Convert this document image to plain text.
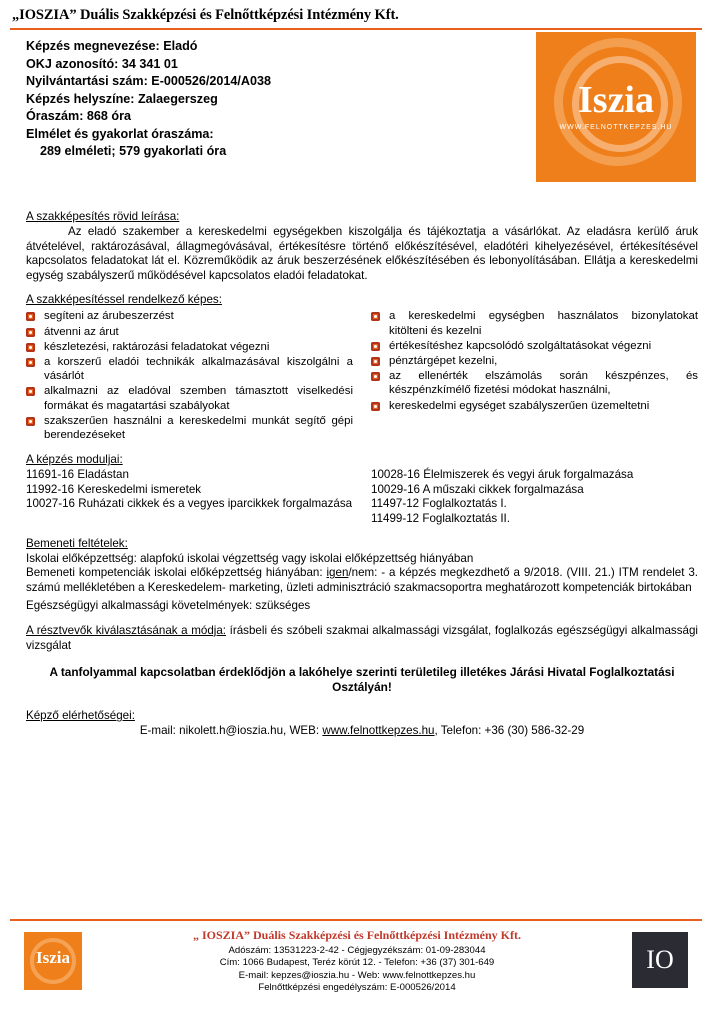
„IOSZIA” Duális Szakképzési és Felnőttképzési Intézmény Kft.
Képzés megnevezése: Eladó
OKJ azonosító: 34 341 01
Nyilvántartási szám: E-000526/2014/A038
Képzés helyszíne: Zalaegerszeg
Óraszám: 868 óra
Elmélet és gyakorlat óraszáma:
289 elméleti; 579 gyakorlati óra
Iszia
WWW.FELNOTTKEPZES.HU
A szakképesítés rövid leírása:
Az eladó szakember a kereskedelmi egységekben kiszolgálja és tájékoztatja a vásárlókat. Az eladásra kerülő áruk átvételével, raktározásával, állagmegóvásával, értékesítésre történő előkészítésével, eladótéri kihelyezésével, értékesítésével kapcsolatos feladatokat lát el. Közreműködik az áruk beszerzésének előkészítésében és lebonyolításában. Ellátja a kereskedelmi egység szabályszerű működésével kapcsolatos eladói feladatokat.
A szakképesítéssel rendelkező képes:
segíteni az árubeszerzést
átvenni az árut
készletezési, raktározási feladatokat végezni
a korszerű eladói technikák alkalmazásával kiszolgálni a vásárlót
alkalmazni az eladóval szemben támasztott viselkedési formákat és magatartási szabályokat
szakszerűen használni a kereskedelmi munkát segítő gépi berendezéseket
a kereskedelmi egységben használatos bizonylatokat kitölteni és kezelni
értékesítéshez kapcsolódó szolgáltatásokat végezni
pénztárgépet kezelni,
az ellenérték elszámolás során készpénzes, és készpénzkímélő fizetési módokat használni,
kereskedelmi egységet szabályszerűen üzemeltetni
A képzés moduljai:
11691-16 Eladástan
11992-16 Kereskedelmi ismeretek
10027-16 Ruházati cikkek és a vegyes iparcikkek forgalmazása
10028-16 Élelmiszerek és vegyi áruk forgalmazása
10029-16 A műszaki cikkek forgalmazása
11497-12 Foglalkoztatás I.
11499-12 Foglalkoztatás II.
Bemeneti feltételek:
Iskolai előképzettség: alapfokú iskolai végzettség vagy iskolai előképzettség hiányában
Bemeneti kompetenciák iskolai előképzettség hiányában: igen/nem: - a képzés megkezdhető a 9/2018. (VIII. 21.) ITM rendelet 3. számú mellékletében a Kereskedelem- marketing, üzleti adminisztráció szakmacsoportra meghatározott kompetenciák birtokában
Egészségügyi alkalmassági követelmények: szükséges
A résztvevők kiválasztásának a módja: írásbeli és szóbeli szakmai alkalmassági vizsgálat, foglalkozás egészségügyi alkalmassági vizsgálat
A tanfolyammal kapcsolatban érdeklődjön a lakóhelye szerinti területileg illetékes Járási Hivatal Foglalkoztatási Osztályán!
Képző elérhetőségei:
E-mail: nikolett.h@ioszia.hu, WEB: www.felnottkepzes.hu, Telefon: +36 (30) 586-32-29
Iszia
„ IOSZIA” Duális Szakképzési és Felnőttképzési Intézmény Kft.
Adószám: 13531223-2-42 - Cégjegyzékszám: 01-09-283044
Cím: 1066 Budapest, Teréz körút 12. - Telefon: +36 (37) 301-649
E-mail: kepzes@ioszia.hu - Web: www.felnottkepzes.hu
Felnőttképzési engedélyszám: E-000526/2014
IO
